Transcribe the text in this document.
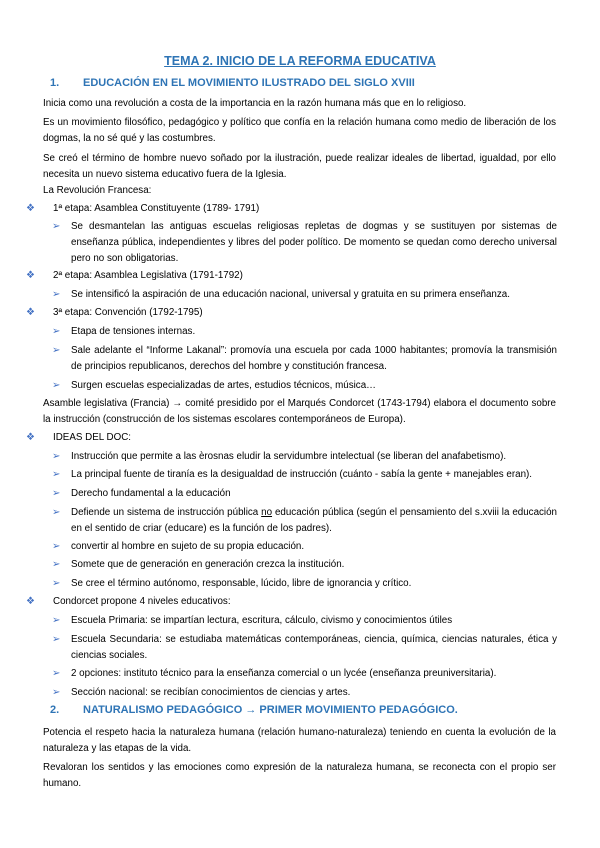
TEMA 2. INICIO DE LA REFORMA EDUCATIVA
1. EDUCACIÓN EN EL MOVIMIENTO ILUSTRADO DEL SIGLO XVIII
Inicia como una revolución a costa de la importancia en la razón humana más que en lo religioso.
Es un movimiento filosófico, pedagógico y político que confía en la relación humana como medio de liberación de los dogmas, la no sé qué y las costumbres.
Se creó el término de hombre nuevo soñado por la ilustración, puede realizar ideales de libertad, igualdad, por ello necesita un nuevo sistema educativo fuera de la Iglesia.
La Revolución Francesa:
❖ 1ª etapa: Asamblea Constituyente (1789- 1791)
➢ Se desmantelan las antiguas escuelas religiosas repletas de dogmas y se sustituyen por sistemas de enseñanza pública, independientes y libres del poder político. De momento se quedan como derecho universal pero no son obligatorias.
❖ 2ª etapa: Asamblea Legislativa (1791-1792)
➢ Se intensificó la aspiración de una educación nacional, universal y gratuita en su primera enseñanza.
❖ 3ª etapa: Convención (1792-1795)
➢ Etapa de tensiones internas.
➢ Sale adelante el “Informe Lakanal”: promovía una escuela por cada 1000 habitantes; promovía la transmisión de principios republicanos, derechos del hombre y constitución francesa.
➢ Surgen escuelas especializadas de artes, estudios técnicos, música…
Asamble legislativa (Francia) → comité presidido por el Marqués Condorcet (1743-1794) elabora el documento sobre la instrucción (construcción de los sistemas escolares contemporáneos de Europa).
❖ IDEAS DEL DOC:
➢ Instrucción que permite a las ѐrosnas eludir la servidumbre intelectual (se liberan del anafabetismo).
➢ La principal fuente de tiranía es la desigualdad de instrucción (cuánto - sabía la gente + manejables eran).
➢ Derecho fundamental a la educación
➢ Defiende un sistema de instrucción pública no educación pública (según el pensamiento del s.xviii la educación en el sentido de criar (educare) es la función de los padres).
➢ convertir al hombre en sujeto de su propia educación.
➢ Somete que de generación en generación crezca la institución.
➢ Se cree el término autónomo, responsable, lúcido, libre de ignorancia y crítico.
❖ Condorcet propone 4 niveles educativos:
➢ Escuela Primaria: se impartían lectura, escritura, cálculo, civismo y conocimientos útiles
➢ Escuela Secundaria: se estudiaba matemáticas contemporáneas, ciencia, química, ciencias naturales, ética y ciencias sociales.
➢ 2 opciones: instituto técnico para la enseñanza comercial o un lycée (enseñanza preuniversitaria).
➢ Sección nacional: se recibían conocimientos de ciencias y artes.
2. NATURALISMO PEDAGÓGICO → PRIMER MOVIMIENTO PEDAGÓGICO.
Potencia el respeto hacia la naturaleza humana (relación humano-naturaleza) teniendo en cuenta la evolución de la naturaleza y las etapas de la vida.
Revaloran los sentidos y las emociones como expresión de la naturaleza humana, se reconecta con el propio ser humano.
